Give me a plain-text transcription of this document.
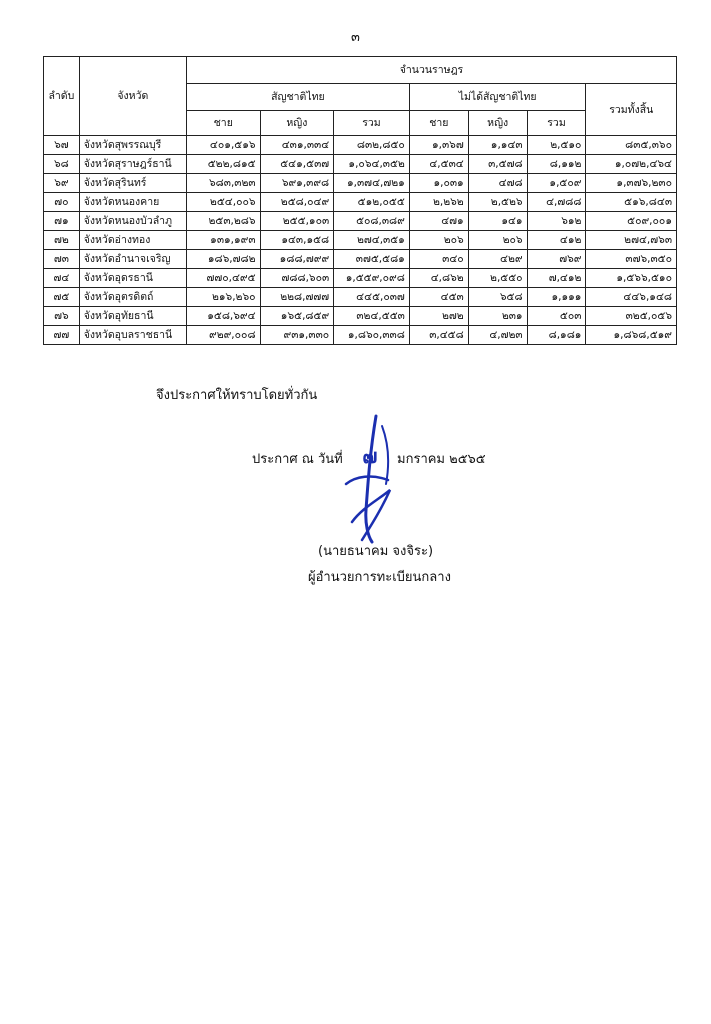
๓
ลำดับ	จังหวัด	จำนวนราษฎร						
		สัญชาติไทย			ไม่ได้สัญชาติไทย			รวมทั้งสิ้น
		ชาย	หญิง	รวม	ชาย	หญิง	รวม	
๖๗	จังหวัดสุพรรณบุรี	๔๐๑,๕๑๖	๔๓๑,๓๓๔	๘๓๒,๘๕๐	๑,๓๖๗	๑,๑๔๓	๒,๕๑๐	๘๓๕,๓๖๐
๖๘	จังหวัดสุราษฎร์ธานี	๕๒๒,๘๑๕	๕๔๑,๕๓๗	๑,๐๖๔,๓๕๒	๔,๕๓๔	๓,๕๗๘	๘,๑๑๒	๑,๐๗๒,๔๖๔
๖๙	จังหวัดสุรินทร์	๖๘๓,๓๒๓	๖๙๑,๓๙๘	๑,๓๗๔,๗๒๑	๑,๐๓๑	๔๗๘	๑,๕๐๙	๑,๓๗๖,๒๓๐
๗๐	จังหวัดหนองคาย	๒๕๔,๐๐๖	๒๕๘,๐๔๙	๕๑๒,๐๕๕	๒,๒๖๒	๒,๕๒๖	๔,๗๘๘	๕๑๖,๘๔๓
๗๑	จังหวัดหนองบัวลำภู	๒๕๓,๒๘๖	๒๕๕,๑๐๓	๕๐๘,๓๘๙	๔๗๑	๑๔๑	๖๑๒	๕๐๙,๐๐๑
๗๒	จังหวัดอ่างทอง	๑๓๑,๑๙๓	๑๔๓,๑๕๘	๒๗๔,๓๕๑	๒๐๖	๒๐๖	๔๑๒	๒๗๔,๗๖๓
๗๓	จังหวัดอำนาจเจริญ	๑๘๖,๗๘๒	๑๘๘,๗๙๙	๓๗๕,๕๘๑	๓๔๐	๔๒๙	๗๖๙	๓๗๖,๓๕๐
๗๔	จังหวัดอุดรธานี	๗๗๐,๔๙๕	๗๘๘,๖๐๓	๑,๕๕๙,๐๙๘	๔,๘๖๒	๒,๕๕๐	๗,๔๑๒	๑,๕๖๖,๕๑๐
๗๕	จังหวัดอุตรดิตถ์	๒๑๖,๒๖๐	๒๒๘,๗๗๗	๔๔๕,๐๓๗	๔๕๓	๖๕๘	๑,๑๑๑	๔๔๖,๑๔๘
๗๖	จังหวัดอุทัยธานี	๑๕๘,๖๙๔	๑๖๕,๘๕๙	๓๒๔,๕๕๓	๒๗๒	๒๓๑	๕๐๓	๓๒๕,๐๕๖
๗๗	จังหวัดอุบลราชธานี	๙๒๙,๐๐๘	๙๓๑,๓๓๐	๑,๘๖๐,๓๓๘	๓,๔๕๘	๔,๗๒๓	๘,๑๘๑	๑,๘๖๘,๕๑๙
จึงประกาศให้ทราบโดยทั่วกัน
ประกาศ ณ วันที่ ๗ มกราคม ๒๕๖๕
(นายธนาคม จงจิระ)
ผู้อำนวยการทะเบียนกลาง
